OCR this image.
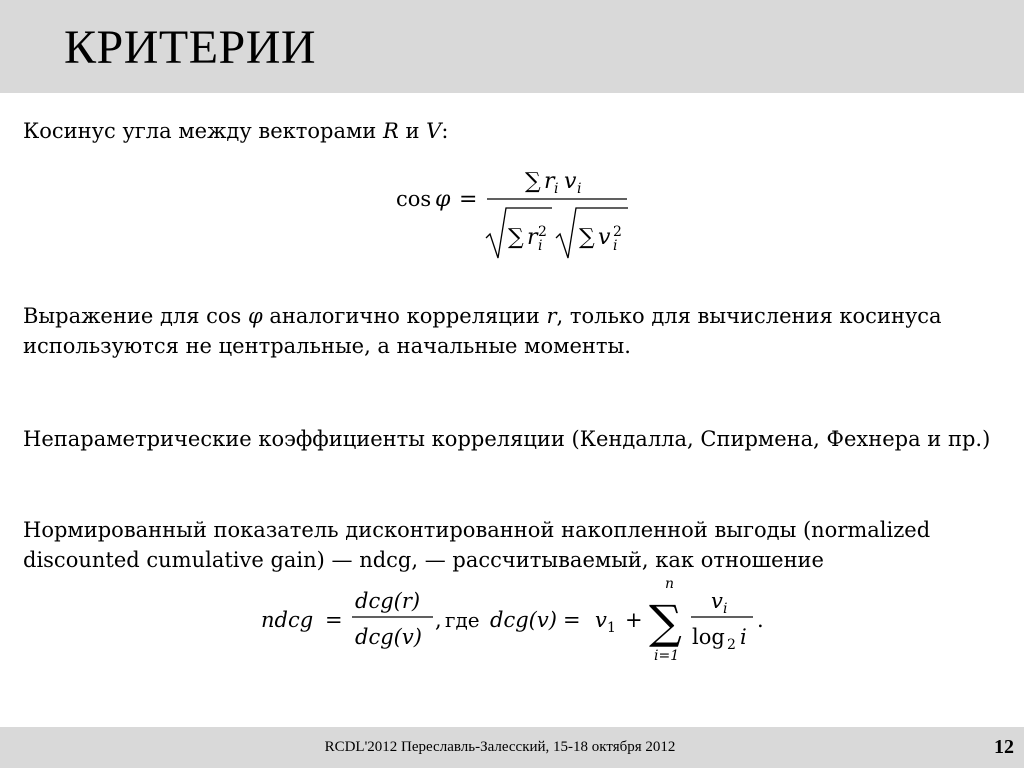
КРИТЕРИИ

Косинус угла между векторами R и V:

cos φ =
∑ r i v i
∑ r 2
i ∑ v 2
i

Выражение для cos φ аналогично корреляции r, только для вычисления косинуса используются не центральные, а начальные моменты.

Непараметрические коэффициенты корреляции (Кендалла, Спирмена, Фехнера и пр.)

Нормированный показатель дисконтированной накопленной выгоды (normalized discounted cumulative gain) — ndcg, — рассчитываемый, как отношение

ndcg =
dcg(r)
dcg(v)
, где dcg(v) = v 1 +
n
∑
i=1
v i
log 2 i
.
RCDL'2012 Переславль-Залесский, 15-18 октября 2012	12
